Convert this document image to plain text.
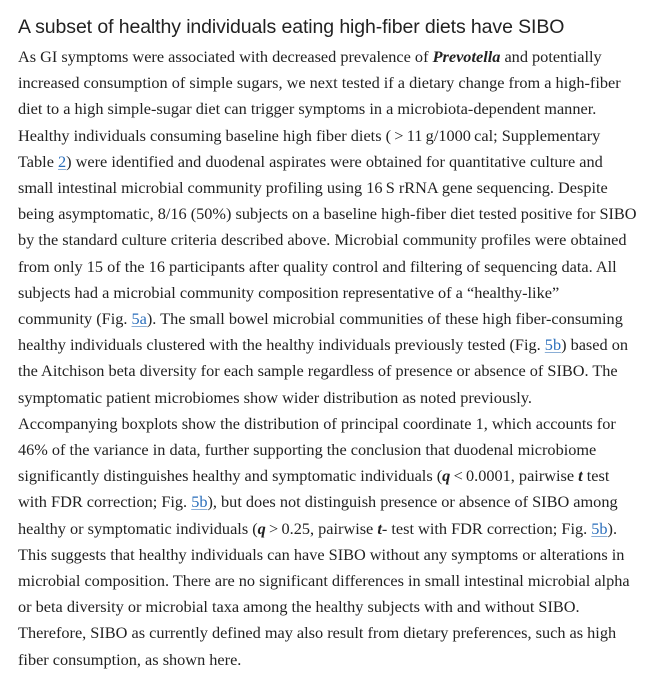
A subset of healthy individuals eating high-fiber diets have SIBO
As GI symptoms were associated with decreased prevalence of Prevotella and potentially
increased consumption of simple sugars, we next tested if a dietary change from a high-fiber
diet to a high simple-sugar diet can trigger symptoms in a microbiota-dependent manner.
Healthy individuals consuming baseline high fiber diets ( > 11 g/1000 cal; Supplementary
Table 2) were identified and duodenal aspirates were obtained for quantitative culture and
small intestinal microbial community profiling using 16 S rRNA gene sequencing. Despite
being asymptomatic, 8/16 (50%) subjects on a baseline high-fiber diet tested positive for SIBO
by the standard culture criteria described above. Microbial community profiles were obtained
from only 15 of the 16 participants after quality control and filtering of sequencing data. All
subjects had a microbial community composition representative of a “healthy-like”
community (Fig. 5a). The small bowel microbial communities of these high fiber-consuming
healthy individuals clustered with the healthy individuals previously tested (Fig. 5b) based on
the Aitchison beta diversity for each sample regardless of presence or absence of SIBO. The
symptomatic patient microbiomes show wider distribution as noted previously.
Accompanying boxplots show the distribution of principal coordinate 1, which accounts for
46% of the variance in data, further supporting the conclusion that duodenal microbiome
significantly distinguishes healthy and symptomatic individuals (q < 0.0001, pairwise t test
with FDR correction; Fig. 5b), but does not distinguish presence or absence of SIBO among
healthy or symptomatic individuals (q > 0.25, pairwise t- test with FDR correction; Fig. 5b).
This suggests that healthy individuals can have SIBO without any symptoms or alterations in
microbial composition. There are no significant differences in small intestinal microbial alpha
or beta diversity or microbial taxa among the healthy subjects with and without SIBO.
Therefore, SIBO as currently defined may also result from dietary preferences, such as high
fiber consumption, as shown here.
